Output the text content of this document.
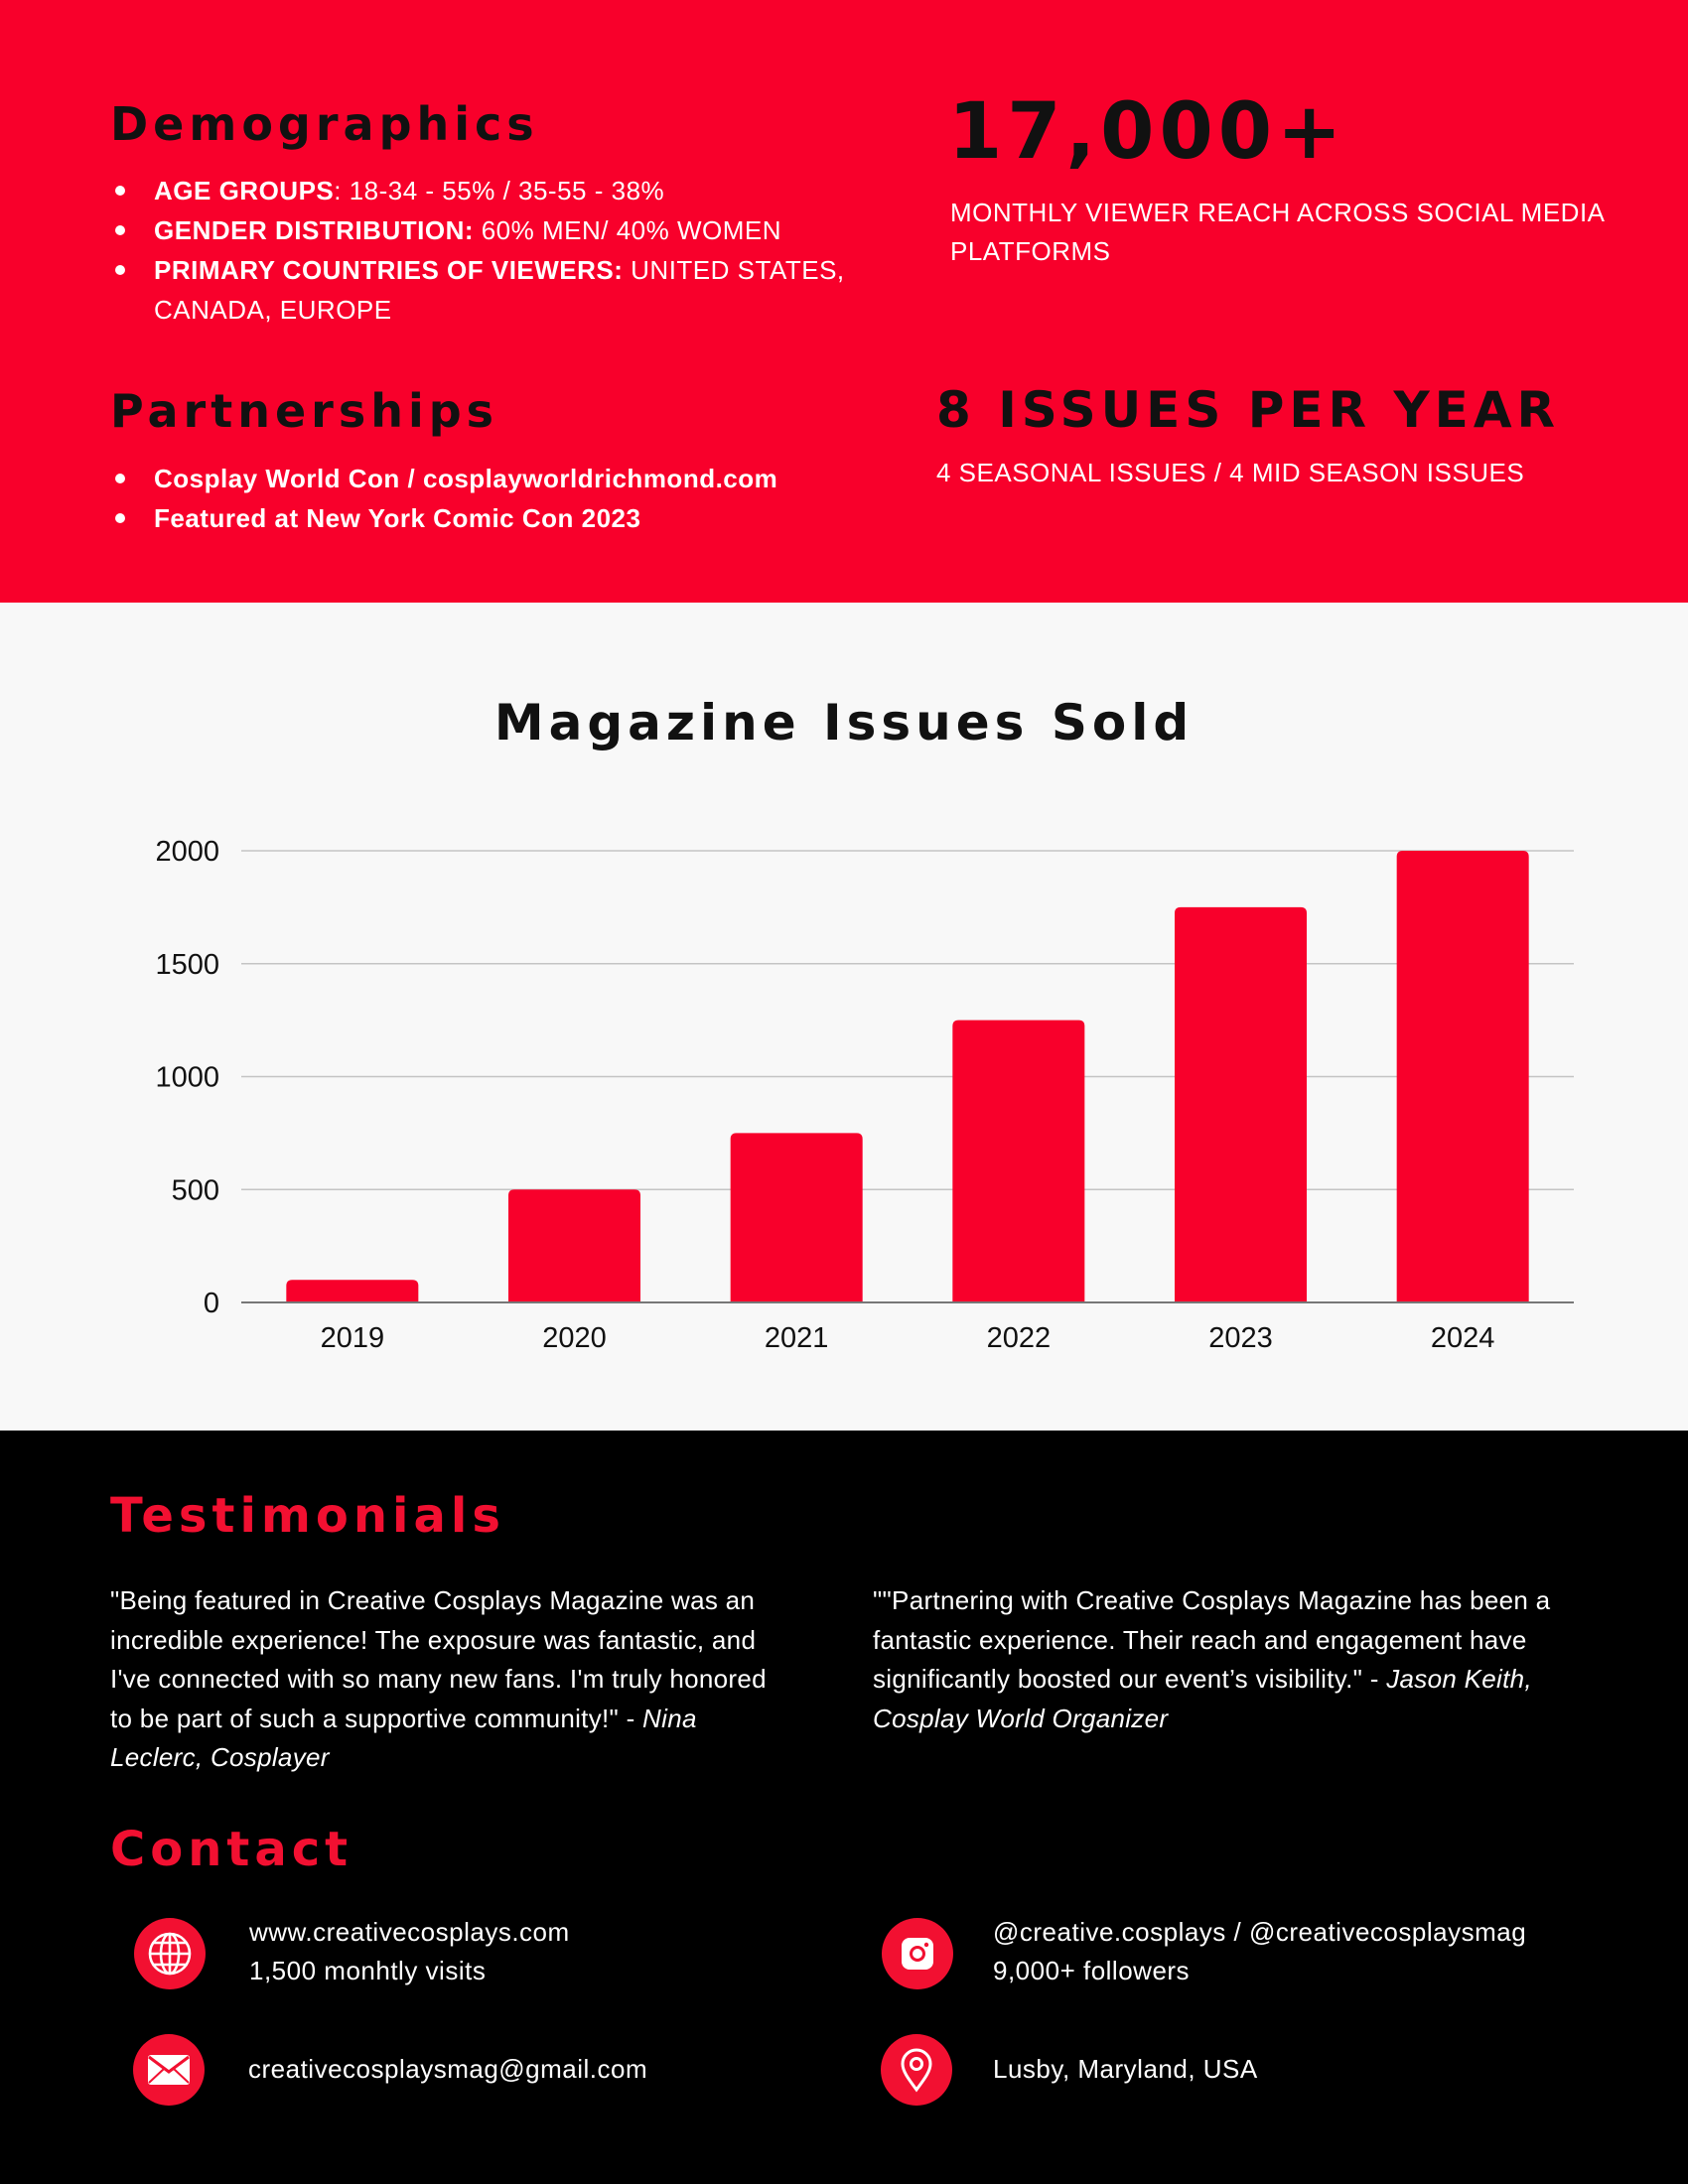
Demographics
AGE GROUPS: 18-34 - 55% / 35-55 - 38%
GENDER DISTRIBUTION: 60% MEN/ 40% WOMEN
PRIMARY COUNTRIES OF VIEWERS: UNITED STATES, CANADA, EUROPE
17,000+
MONTHLY VIEWER REACH ACROSS SOCIAL MEDIA PLATFORMS
Partnerships
Cosplay World Con / cosplayworldrichmond.com
Featured at New York Comic Con 2023
8 ISSUES PER YEAR
4 SEASONAL ISSUES / 4 MID SEASON ISSUES
Magazine Issues Sold
0
500
1000
1500
2000
2019	2020	2021	2022	2023	2024
Testimonials

"Being featured in Creative Cosplays Magazine was an incredible experience! The exposure was fantastic, and I've connected with so many new fans. I'm truly honored to be part of such a supportive community!" - Nina Leclerc, Cosplayer

""Partnering with Creative Cosplays Magazine has been a fantastic experience. Their reach and engagement have significantly boosted our event’s visibility." - Jason Keith, Cosplay World Organizer

Contact
www.creativecosplays.com
1,500 monhtly visits
@creative.cosplays / @creativecosplaysmag
9,000+ followers
creativecosplaysmag@gmail.com	Lusby, Maryland, USA
